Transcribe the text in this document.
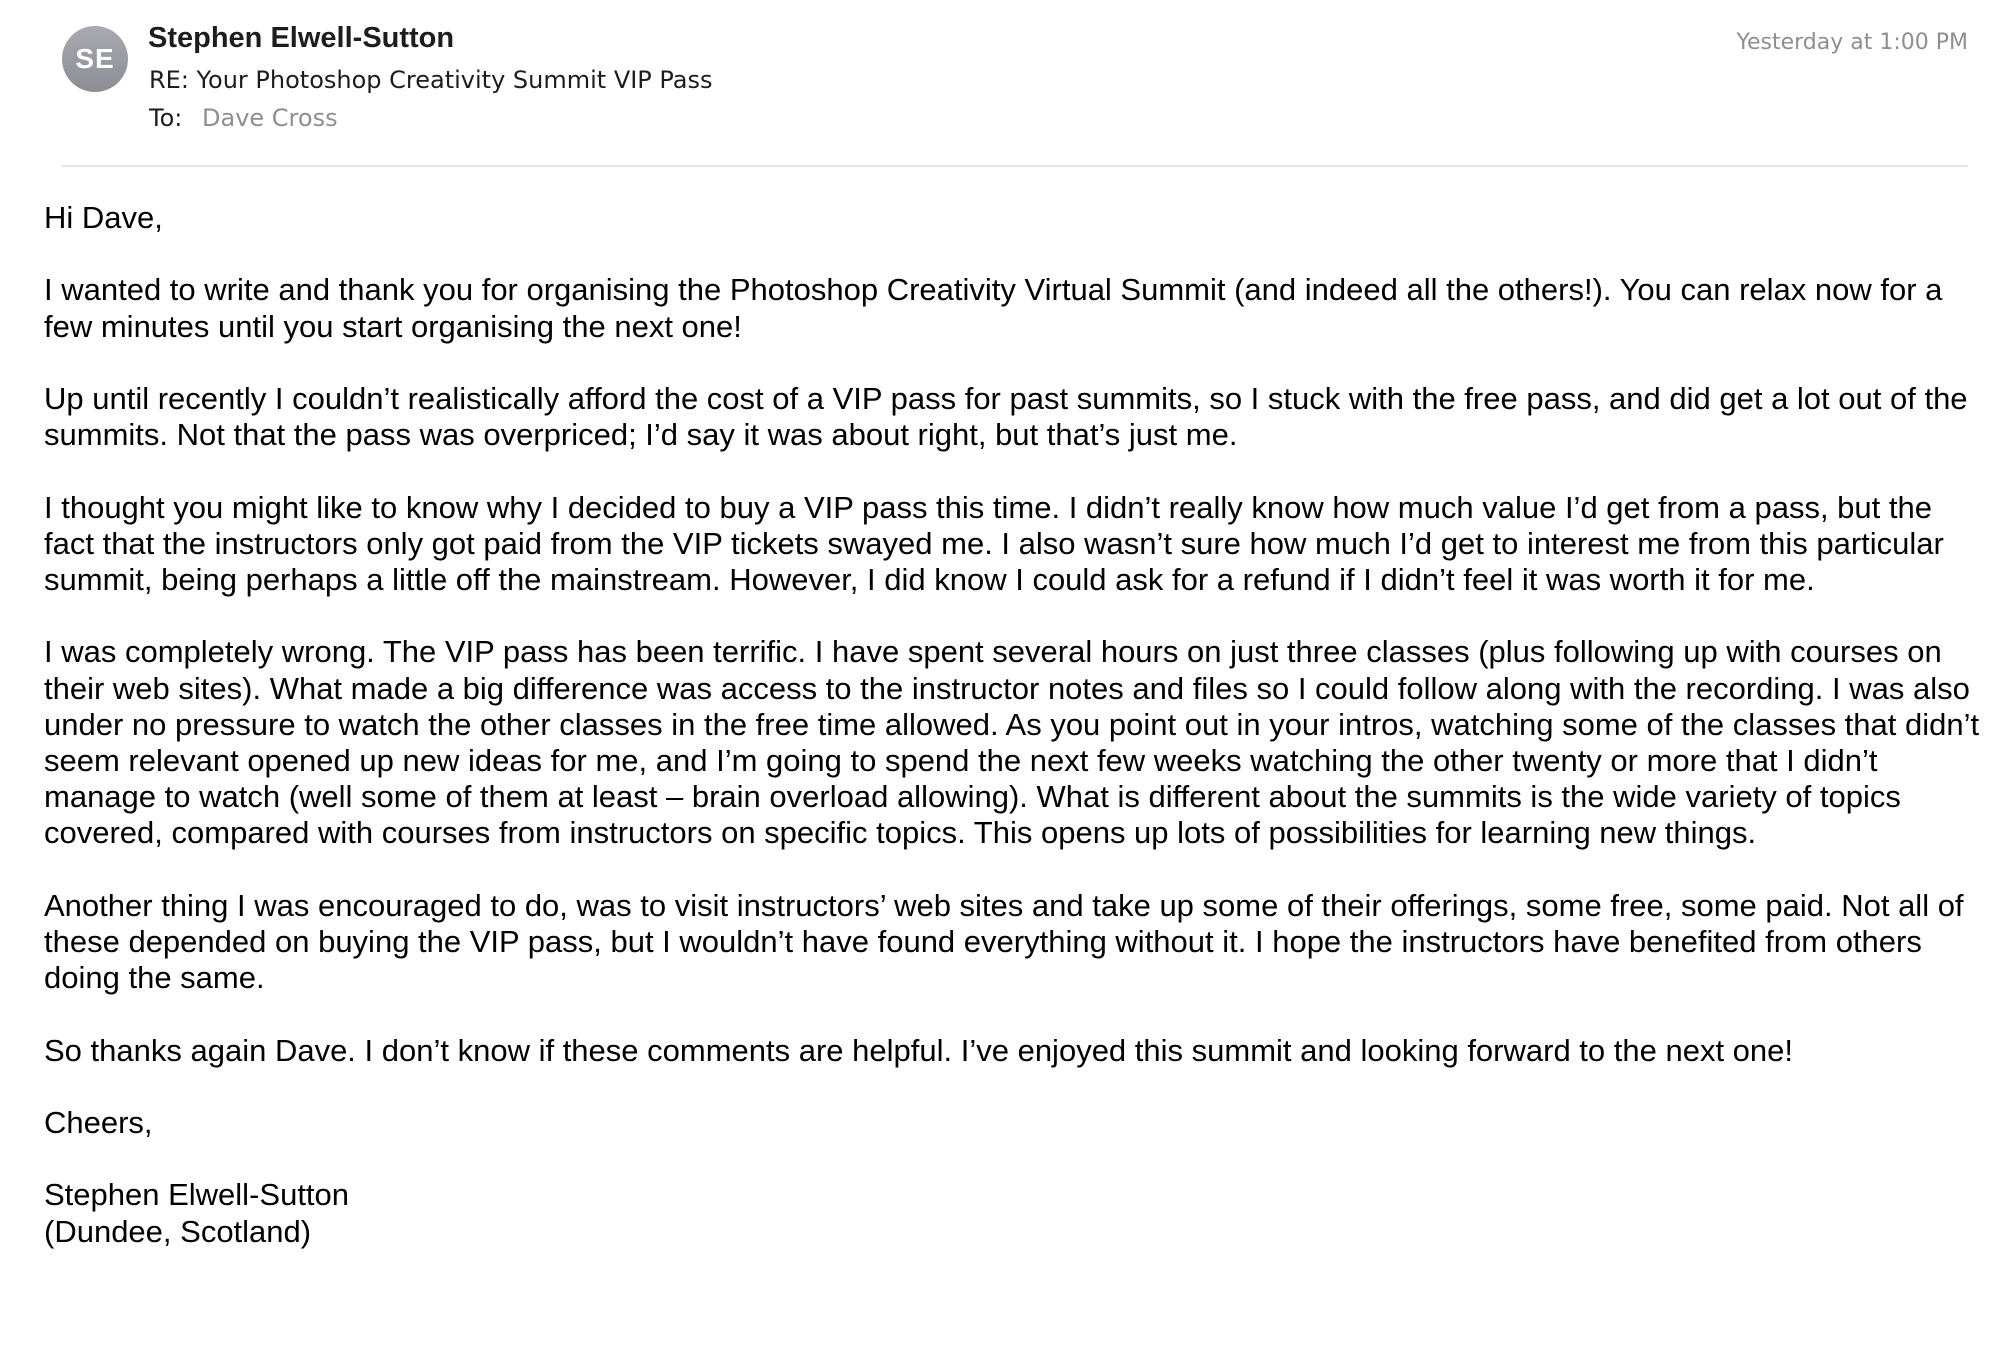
SE
Stephen Elwell-Sutton
RE: Your Photoshop Creativity Summit VIP Pass
To: Dave Cross
Yesterday at 1:00 PM

Hi Dave,

I wanted to write and thank you for organising the Photoshop Creativity Virtual Summit (and indeed all the others!). You can relax now for a few minutes until you start organising the next one!

Up until recently I couldn’t realistically afford the cost of a VIP pass for past summits, so I stuck with the free pass, and did get a lot out of the summits. Not that the pass was overpriced; I’d say it was about right, but that’s just me.

I thought you might like to know why I decided to buy a VIP pass this time. I didn’t really know how much value I’d get from a pass, but the fact that the instructors only got paid from the VIP tickets swayed me. I also wasn’t sure how much I’d get to interest me from this particular summit, being perhaps a little off the mainstream. However, I did know I could ask for a refund if I didn’t feel it was worth it for me.

I was completely wrong. The VIP pass has been terrific. I have spent several hours on just three classes (plus following up with courses on their web sites). What made a big difference was access to the instructor notes and files so I could follow along with the recording. I was also under no pressure to watch the other classes in the free time allowed. As you point out in your intros, watching some of the classes that didn’t seem relevant opened up new ideas for me, and I’m going to spend the next few weeks watching the other twenty or more that I didn’t manage to watch (well some of them at least – brain overload allowing). What is different about the summits is the wide variety of topics covered, compared with courses from instructors on specific topics. This opens up lots of possibilities for learning new things.

Another thing I was encouraged to do, was to visit instructors’ web sites and take up some of their offerings, some free, some paid. Not all of these depended on buying the VIP pass, but I wouldn’t have found everything without it. I hope the instructors have benefited from others doing the same.

So thanks again Dave. I don’t know if these comments are helpful. I’ve enjoyed this summit and looking forward to the next one!

Cheers,

Stephen Elwell-Sutton

(Dundee, Scotland)
